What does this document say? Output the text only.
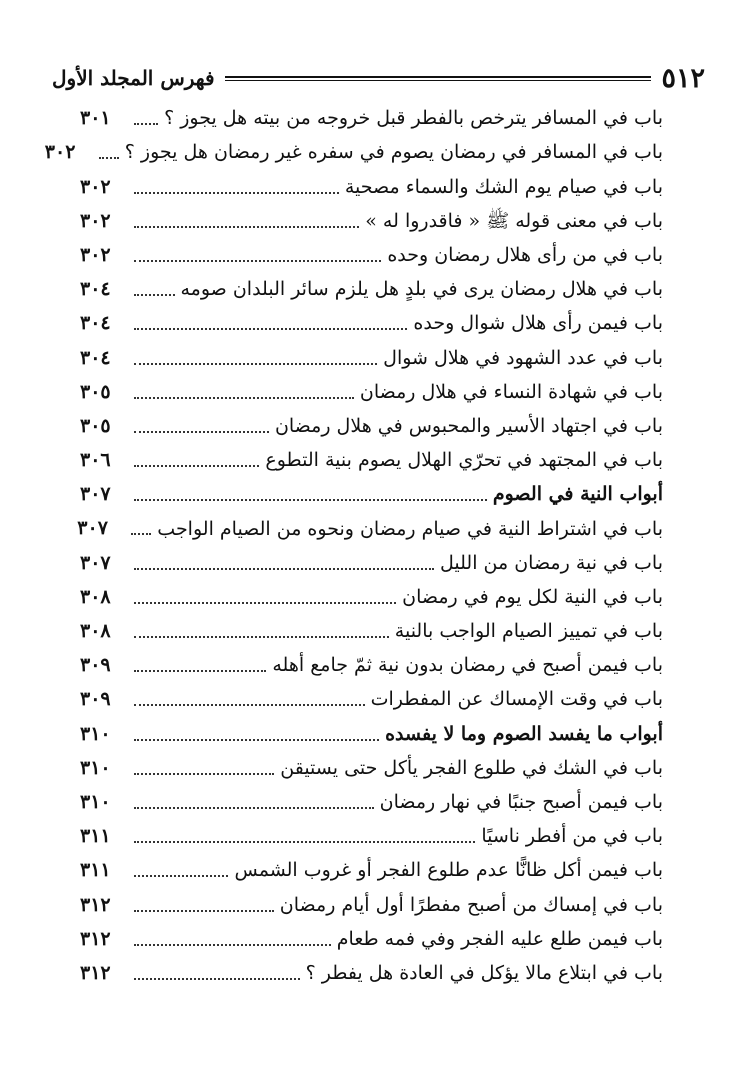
٥١٢
فهرس المجلد الأول
باب في المسافر يترخص بالفطر قبل خروجه من بيته هل يجوز ؟
٣٠١
باب في المسافر في رمضان يصوم في سفره غير رمضان هل يجوز ؟
٣٠٢
باب في صيام يوم الشك والسماء مصحية
٣٠٢
باب في معنى قوله ﷺ « فاقدروا له »
٣٠٢
باب في من رأى هلال رمضان وحده
٣٠٢
باب في هلال رمضان يرى في بلدٍ هل يلزم سائر البلدان صومه
٣٠٤
باب فيمن رأى هلال شوال وحده
٣٠٤
باب في عدد الشهود في هلال شوال
٣٠٤
باب في شهادة النساء في هلال رمضان
٣٠٥
باب في اجتهاد الأسير والمحبوس في هلال رمضان
٣٠٥
باب في المجتهد في تحرّي الهلال يصوم بنية التطوع
٣٠٦
أبواب النية في الصوم
٣٠٧
باب في اشتراط النية في صيام رمضان ونحوه من الصيام الواجب
٣٠٧
باب في نية رمضان من الليل
٣٠٧
باب في النية لكل يوم في رمضان
٣٠٨
باب في تمييز الصيام الواجب بالنية
٣٠٨
باب فيمن أصبح في رمضان بدون نية ثمّ جامع أهله
٣٠٩
باب في وقت الإمساك عن المفطرات
٣٠٩
أبواب ما يفسد الصوم وما لا يفسده
٣١٠
باب في الشك في طلوع الفجر يأكل حتى يستيقن
٣١٠
باب فيمن أصبح جنبًا في نهار رمضان
٣١٠
باب في من أفطر ناسيًا
٣١١
باب فيمن أكل ظانًّا عدم طلوع الفجر أو غروب الشمس
٣١١
باب في إمساك من أصبح مفطرًا أول أيام رمضان
٣١٢
باب فيمن طلع عليه الفجر وفي فمه طعام
٣١٢
باب في ابتلاع مالا يؤكل في العادة هل يفطر ؟
٣١٢
